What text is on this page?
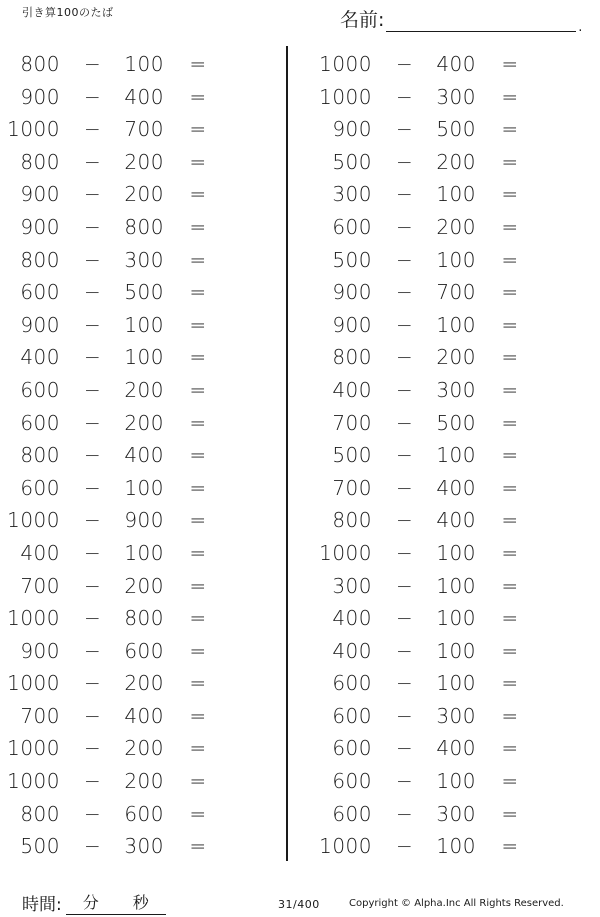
引き算100のたば	名前:	.
800 − 100 =
900 − 400 =
1000 − 700 =
800 − 200 =
900 − 200 =
900 − 800 =
800 − 300 =
600 − 500 =
900 − 100 =
400 − 100 =
600 − 200 =
600 − 200 =
800 − 400 =
600 − 100 =
1000 − 900 =
400 − 100 =
700 − 200 =
1000 − 800 =
900 − 600 =
1000 − 200 =
700 − 400 =
1000 − 200 =
1000 − 200 =
800 − 600 =
500 − 300 =
1000 − 400 =
1000 − 300 =
900 − 500 =
500 − 200 =
300 − 100 =
600 − 200 =
500 − 100 =
900 − 700 =
900 − 100 =
800 − 200 =
400 − 300 =
700 − 500 =
500 − 100 =
700 − 400 =
800 − 400 =
1000 − 100 =
300 − 100 =
400 − 100 =
400 − 100 =
600 − 100 =
600 − 300 =
600 − 400 =
600 − 100 =
600 − 300 =
1000 − 100 =
時間: 分 秒	31/400	Copyright © Alpha.Inc All Rights Reserved.
